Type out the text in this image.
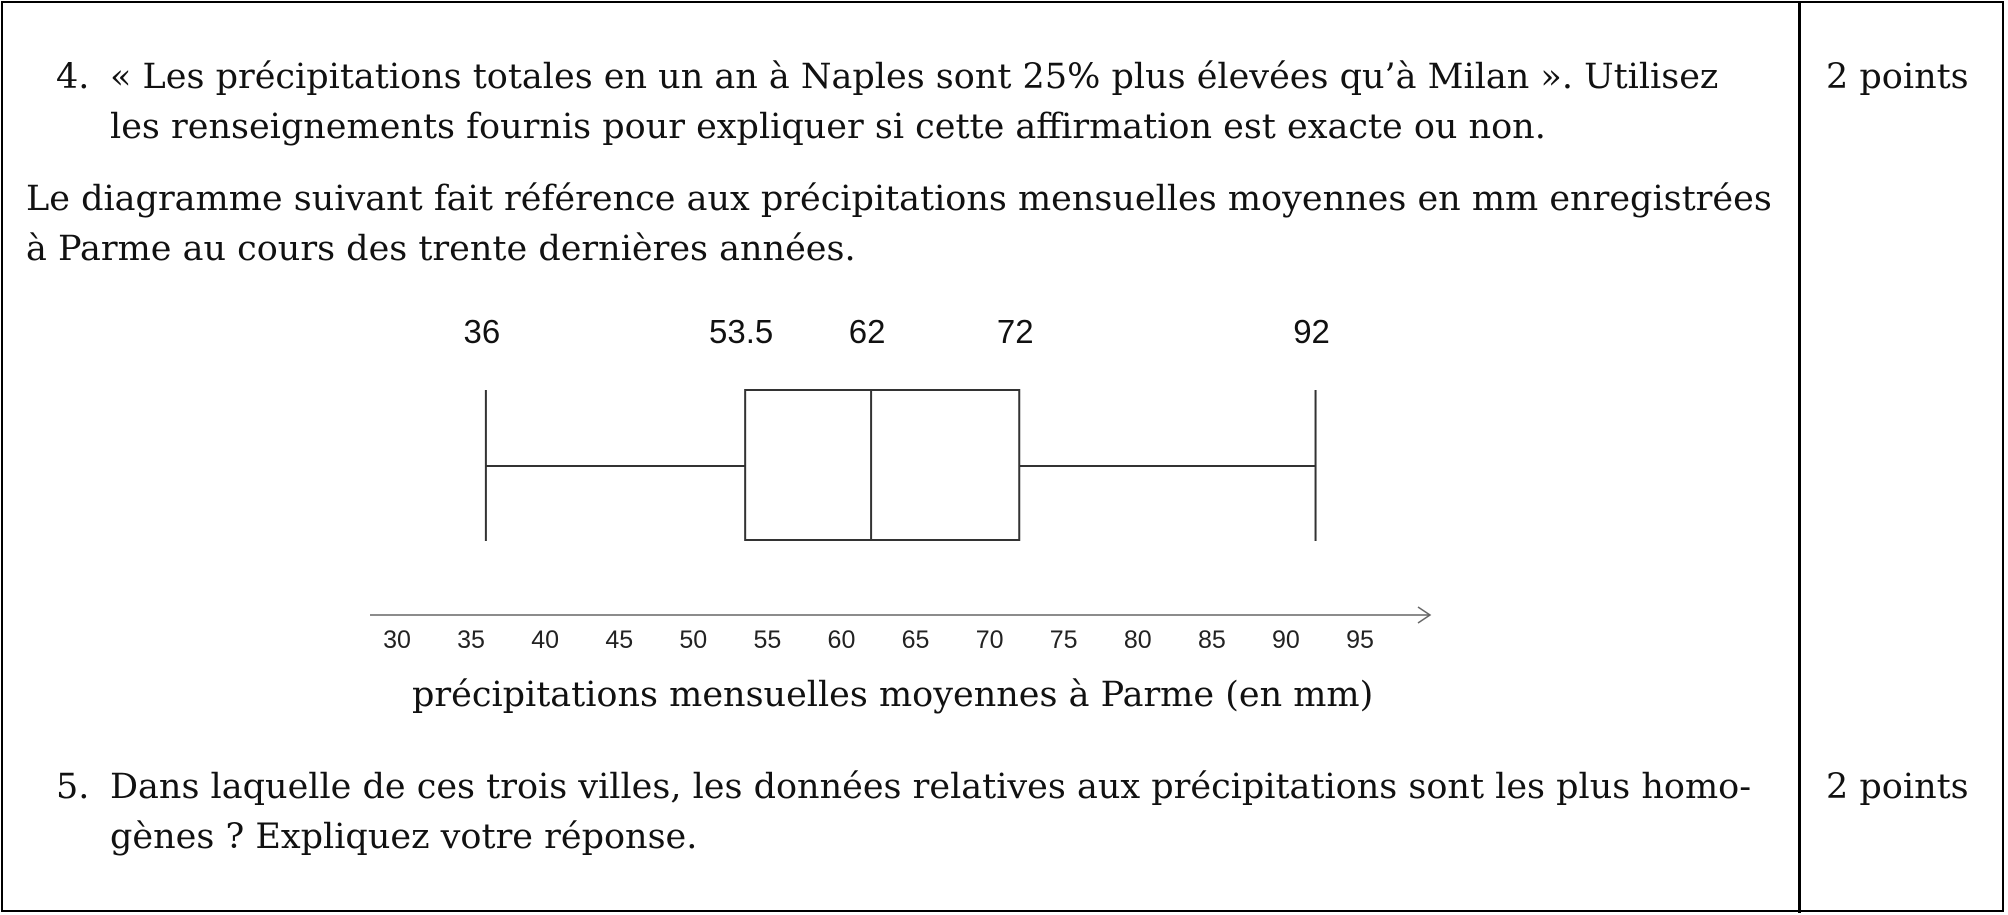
4. « Les précipitations totales en un an à Naples sont 25% plus élevées qu’à Milan ». Utilisez
les renseignements fournis pour expliquer si cette affirmation est exacte ou non.
2 points
Le diagramme suivant fait référence aux précipitations mensuelles moyennes en mm enregistrées
à Parme au cours des trente dernières années.
36	53.5 62	72	92
30 35 40 45 50 55 60 65 70 75 80 85 90 95
précipitations mensuelles moyennes à Parme (en mm)
5. Dans laquelle de ces trois villes, les données relatives aux précipitations sont les plus homo-
gènes ? Expliquez votre réponse.
2 points
